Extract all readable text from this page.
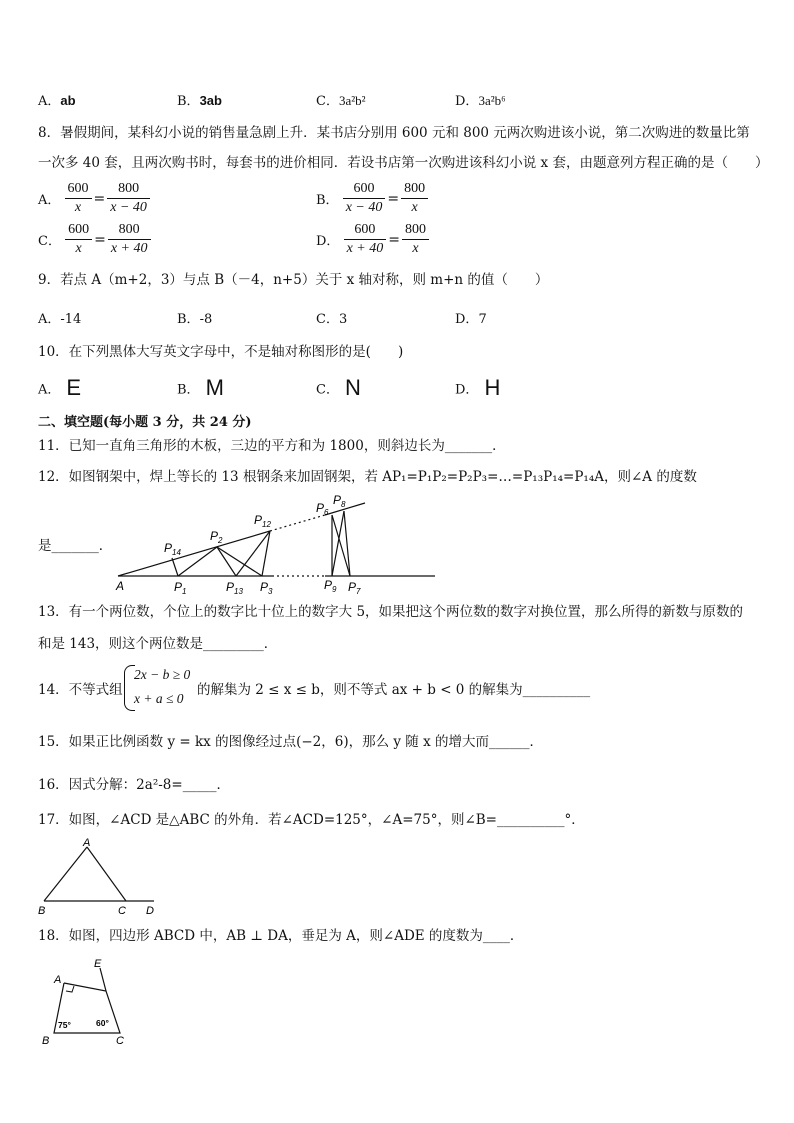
A．ab	B．3ab	C．3a²b²	D．3a²b⁶
8．暑假期间，某科幻小说的销售量急剧上升．某书店分别用 600 元和 800 元两次购进该小说，第二次购进的数量比第
一次多 40 套，且两次购书时，每套书的进价相同．若设书店第一次购进该科幻小说 x 套，由题意列方程正确的是（　　）
A． $\frac{600}{x} = \frac{800}{x - 40}$	B． $\frac{600}{x - 40} = \frac{800}{x}$
C． $\frac{600}{x} = \frac{800}{x + 40}$	D． $\frac{600}{x + 40} = \frac{800}{x}$
9．若点 A（m+2，3）与点 B（－4，n+5）关于 x 轴对称，则 m+n 的值（　　）
A．-14	B．-8	C．3	D．7
10．在下列黑体大写英文字母中，不是轴对称图形的是(　　)
A． E	B． M	C． N	D． H
二、填空题(每小题 3 分，共 24 分)
11．已知一直角三角形的木板，三边的平方和为 1800，则斜边长为_______．
12．如图钢架中，焊上等长的 13 根钢条来加固钢架，若 AP₁=P₁P₂=P₂P₃=…=P₁₃P₁₄=P₁₄A，则∠A 的度数
是_______．
A	$P_1$	$P_{13}$ $P_3$
$P_{14}$
$P_2$
$P_{12}$
$P_6$
$P_8$
$P_9$ $P_7$
13．有一个两位数，个位上的数字比十位上的数字大 5，如果把这个两位数的数字对换位置，那么所得的新数与原数的
和是 143，则这个两位数是_________．
14．不等式组
2x − b ≥ 0
x + a ≤ 0
的解集为 2 ≤ x ≤ b，则不等式 ax + b < 0 的解集为__________
15．如果正比例函数 y = kx 的图像经过点(−2，6)，那么 y 随 x 的增大而______．
16．因式分解：2a²-8=_____．
17．如图，∠ACD 是△ABC 的外角．若∠ACD=125°，∠A=75°，则∠B=__________°．
A
B	C D
18．如图，四边形 ABCD 中，AB ⊥ DA，垂足为 A，则∠ADE 的度数为____．
A
E
B	C
75°	60°
